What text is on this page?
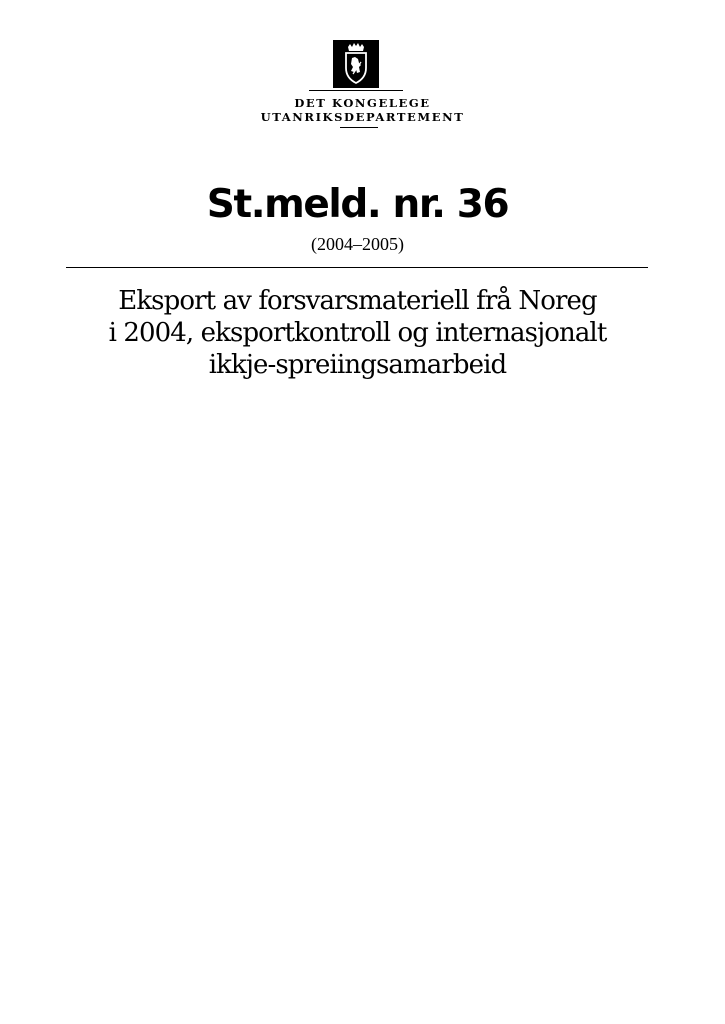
DET KONGELEGE
UTANRIKSDEPARTEMENT
St.meld. nr. 36
(2004–2005)
Eksport av forsvarsmateriell frå Noreg
i 2004, eksportkontroll og internasjonalt
ikkje-spreiingsamarbeid
